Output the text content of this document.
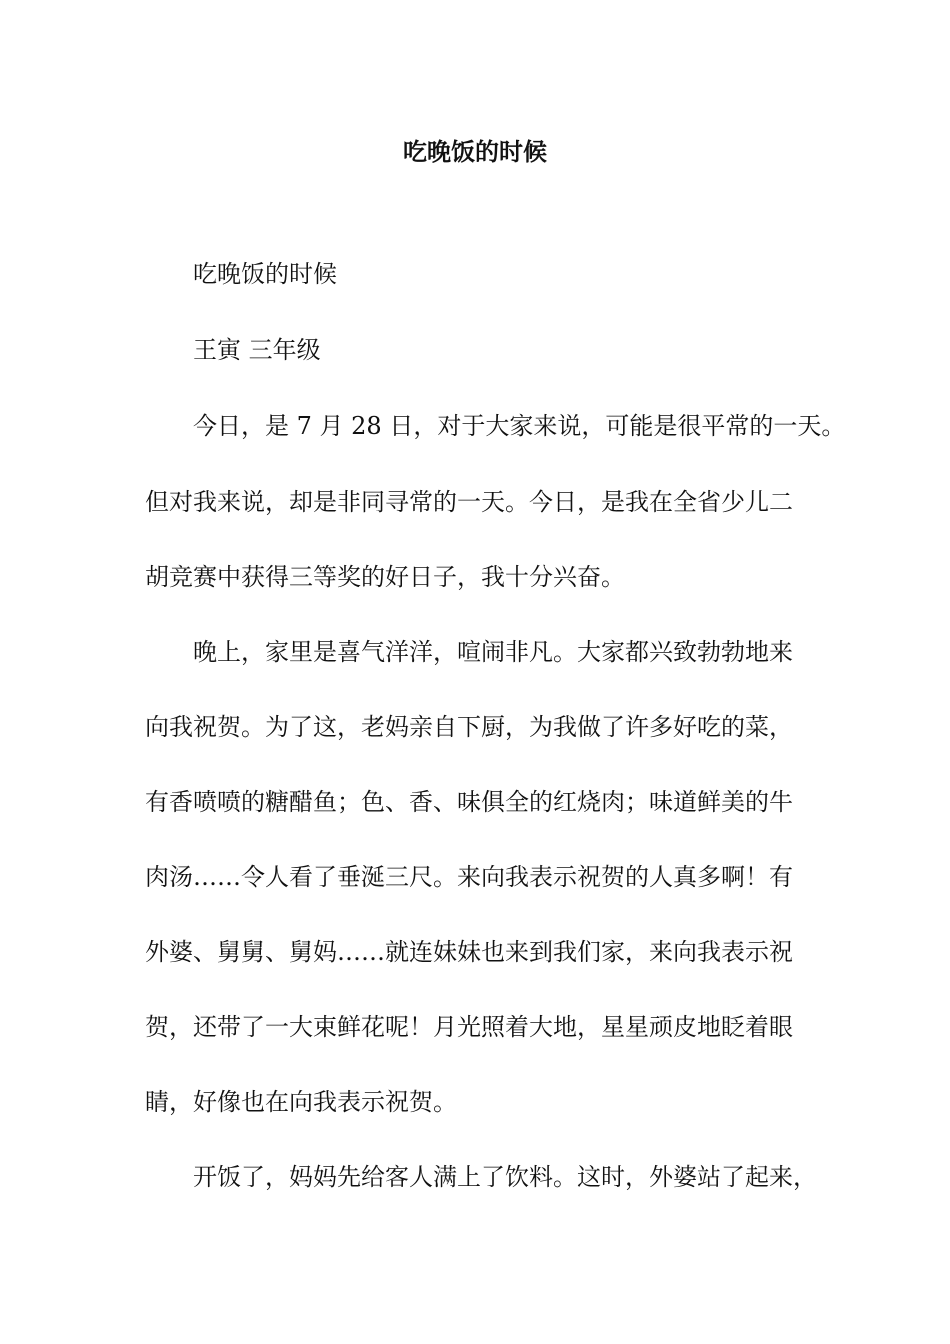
吃晚饭的时候
吃晚饭的时候
王寅 三年级
今日，是 7 月 28 日，对于大家来说，可能是很平常的一天。
但对我来说，却是非同寻常的一天。今日，是我在全省少儿二
胡竞赛中获得三等奖的好日子，我十分兴奋。
晚上，家里是喜气洋洋，喧闹非凡。大家都兴致勃勃地来
向我祝贺。为了这，老妈亲自下厨，为我做了许多好吃的菜，
有香喷喷的糖醋鱼；色、香、味俱全的红烧肉；味道鲜美的牛
肉汤……令人看了垂涎三尺。来向我表示祝贺的人真多啊！有
外婆、舅舅、舅妈……就连妹妹也来到我们家，来向我表示祝
贺，还带了一大束鲜花呢！月光照着大地，星星顽皮地眨着眼
睛，好像也在向我表示祝贺。
开饭了，妈妈先给客人满上了饮料。这时，外婆站了起来，
